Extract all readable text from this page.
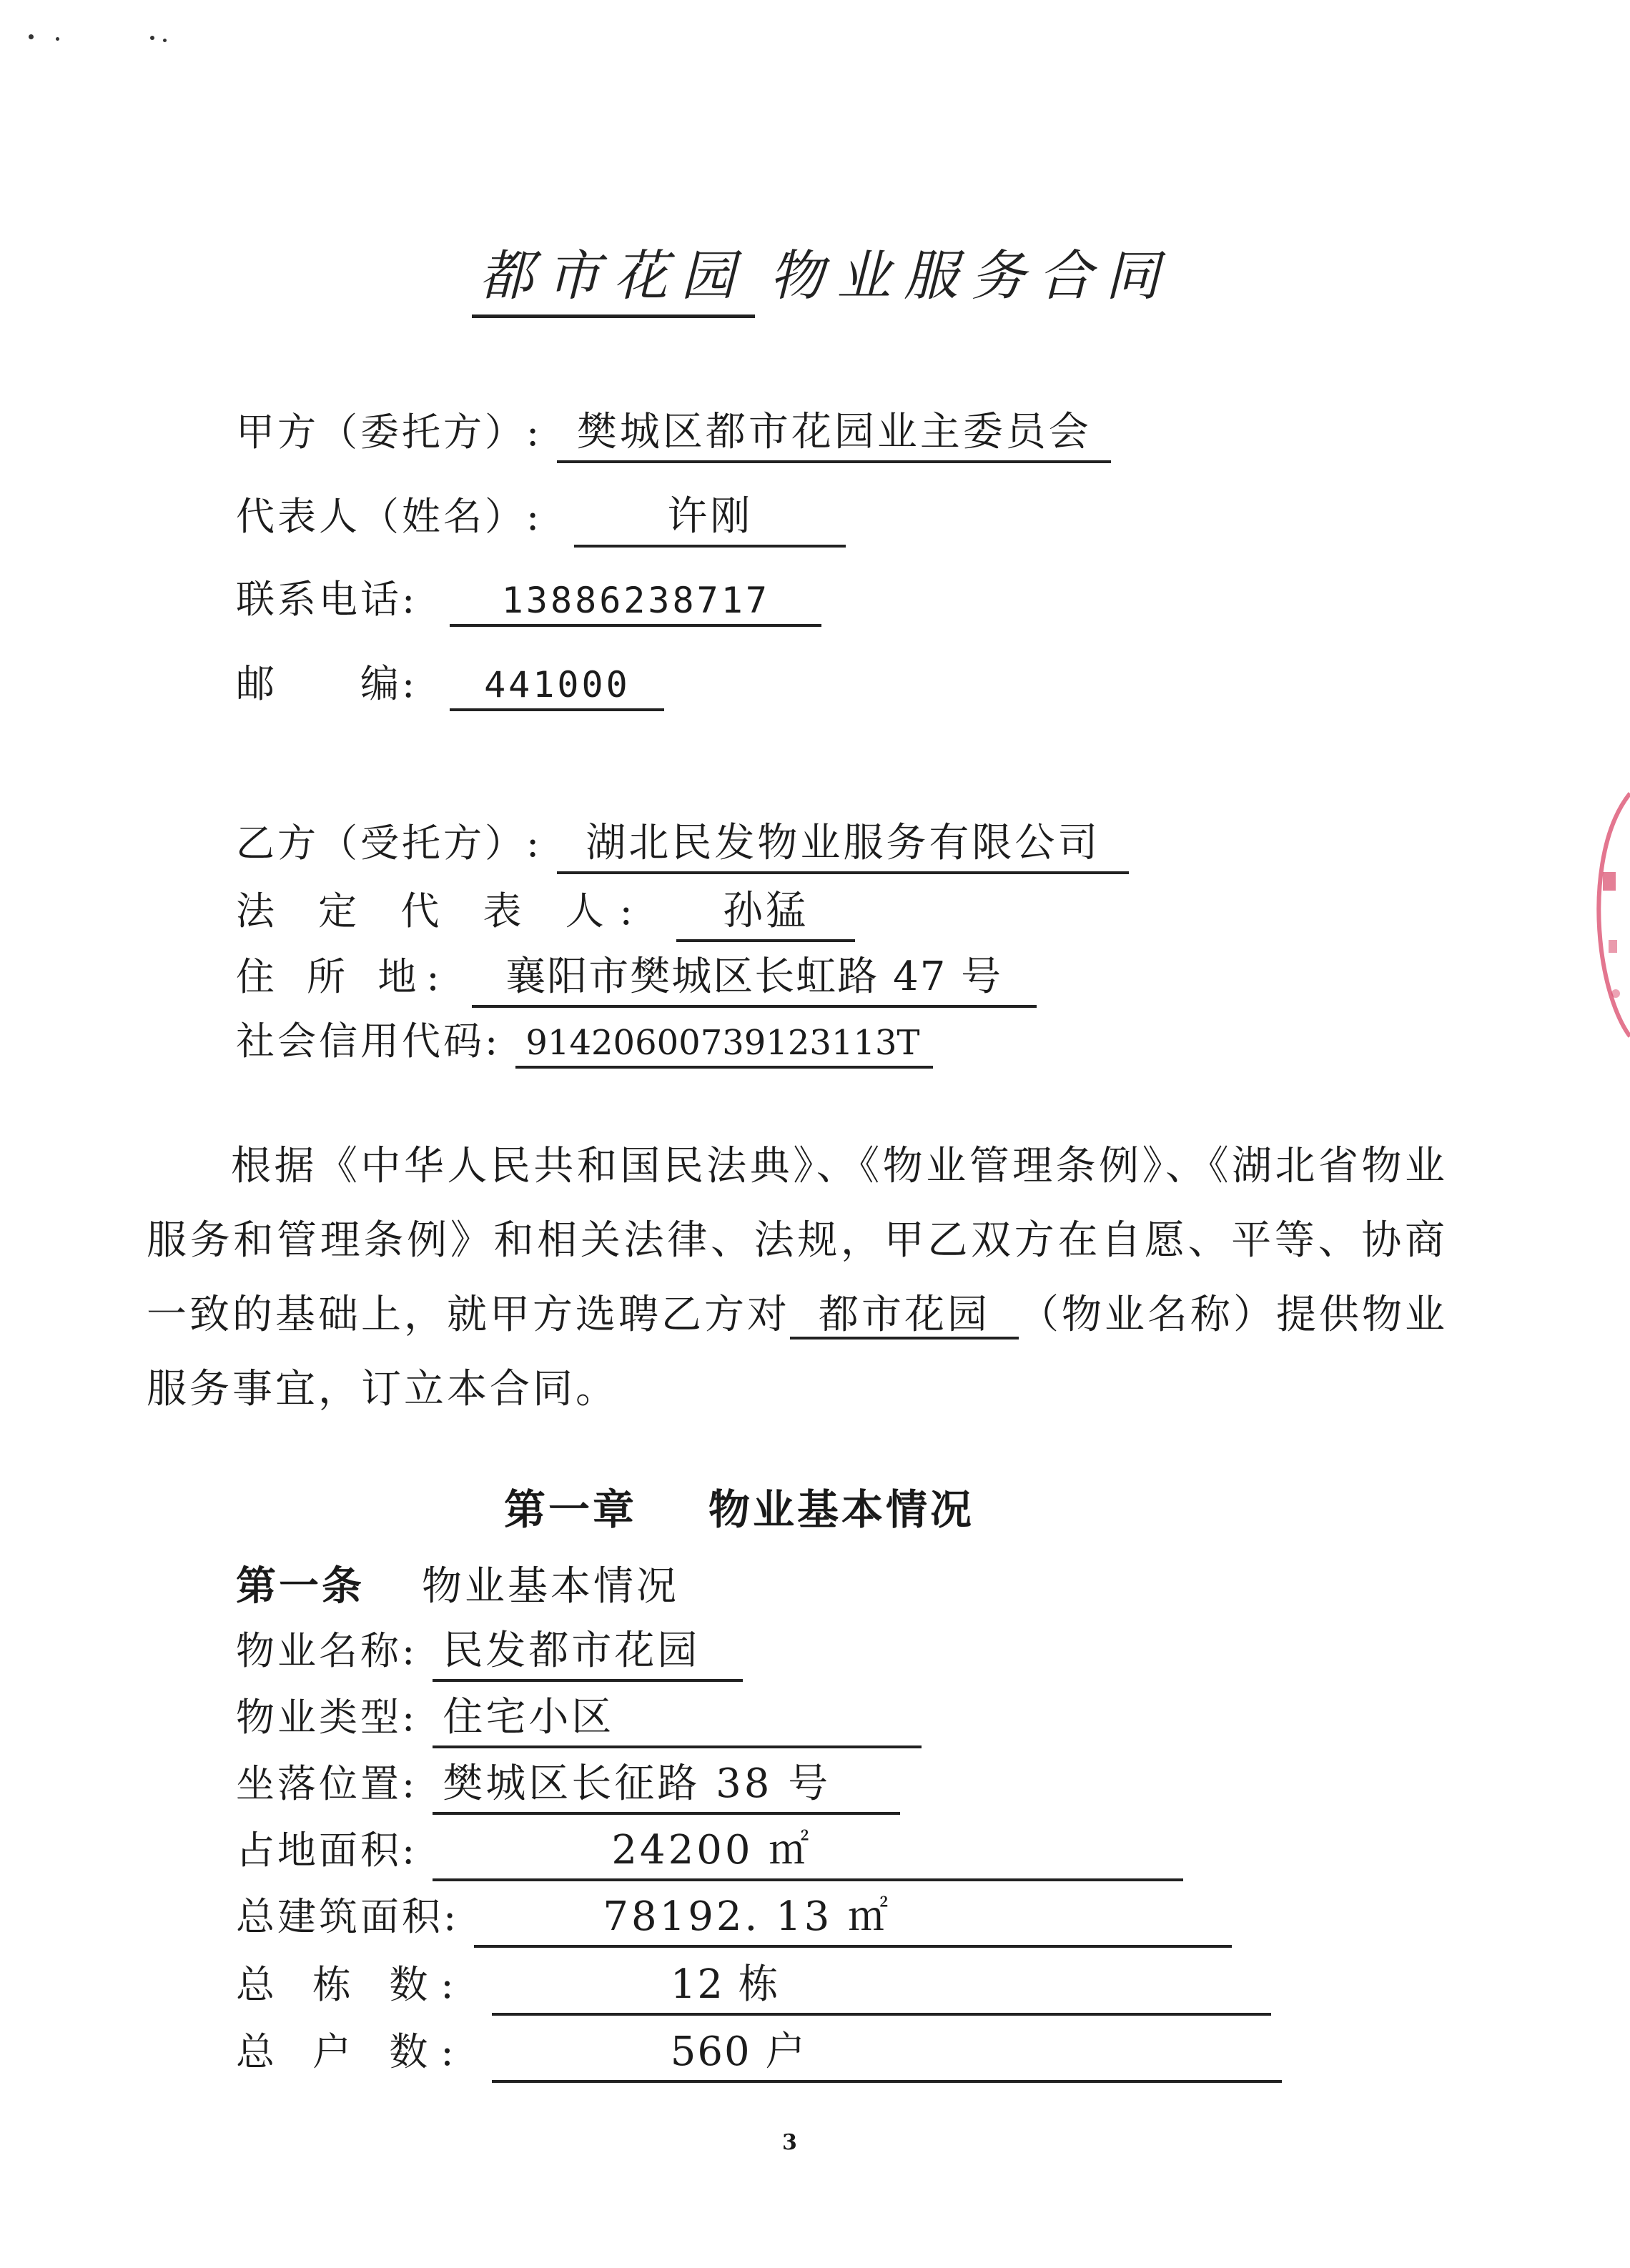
都市花园 物业服务合同
甲方（委托方）: 樊城区都市花园业主委员会
代表人（姓名）:	许刚
联系电话: 13886238717
邮　　编: 441000
乙方（受托方）: 湖北民发物业服务有限公司
法 定 代 表 人: 孙猛
住 所 地: 襄阳市樊城区长虹路 47 号
社会信用代码: 91420600739123113T
根据《中华人民共和国民法典》、《物业管理条例》、《湖北省物业服务和管理条例》和相关法律、法规，甲乙双方在自愿、平等、协商一致的基础上，就甲方选聘乙方对 都市花园 （物业名称）提供物业服务事宜，订立本合同。
第一章 物业基本情况
第一条 物业基本情况
物业名称: 民发都市花园
物业类型: 住宅小区
坐落位置: 樊城区长征路 38 号
占地面积:	24200 ㎡
总建筑面积:	78192. 13 ㎡
总 栋 数:	12 栋
总 户 数:	560 户
3
